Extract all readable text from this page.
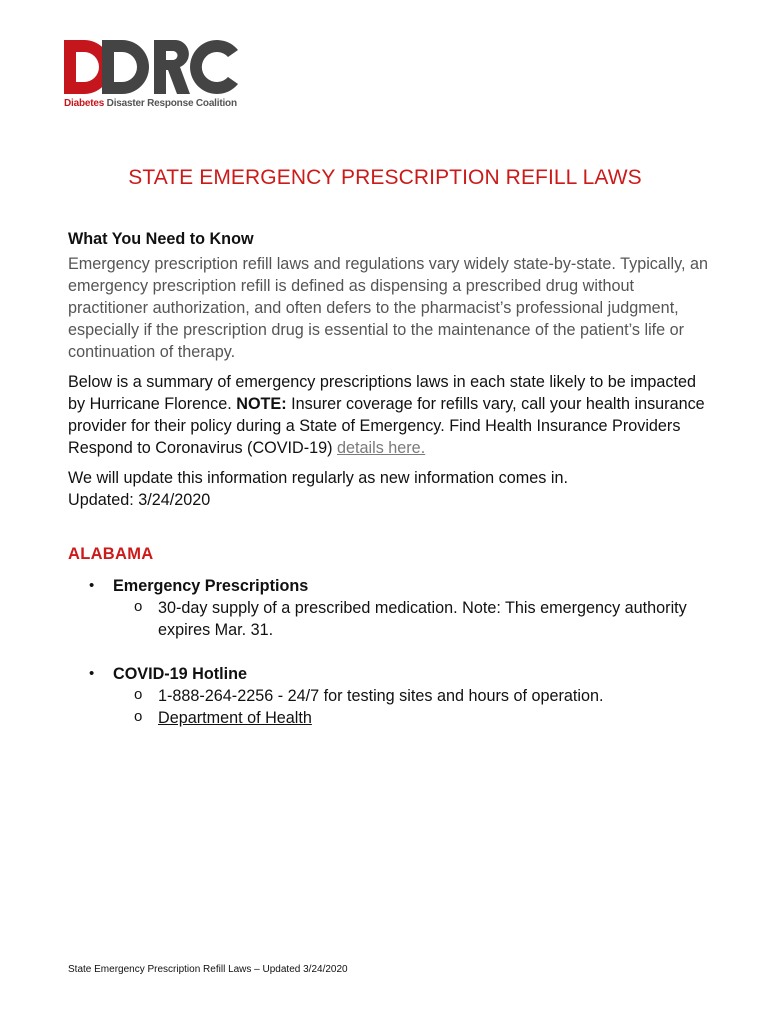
Diabetes Disaster Response Coalition
STATE EMERGENCY PRESCRIPTION REFILL LAWS
What You Need to Know

Emergency prescription refill laws and regulations vary widely state-by-state. Typically, an emergency prescription refill is defined as dispensing a prescribed drug without practitioner authorization, and often defers to the pharmacist’s professional judgment, especially if the prescription drug is essential to the maintenance of the patient’s life or continuation of therapy.

Below is a summary of emergency prescriptions laws in each state likely to be impacted by Hurricane Florence. NOTE: Insurer coverage for refills vary, call your health insurance provider for their policy during a State of Emergency. Find Health Insurance Providers Respond to Coronavirus (COVID-19) details here.

We will update this information regularly as new information comes in.
Updated: 3/24/2020

ALABAMA
• Emergency Prescriptions
o 30-day supply of a prescribed medication. Note: This emergency authority expires Mar. 31.
• COVID-19 Hotline
o 1-888-264-2256 - 24/7 for testing sites and hours of operation.
o Department of Health
State Emergency Prescription Refill Laws – Updated 3/24/2020
